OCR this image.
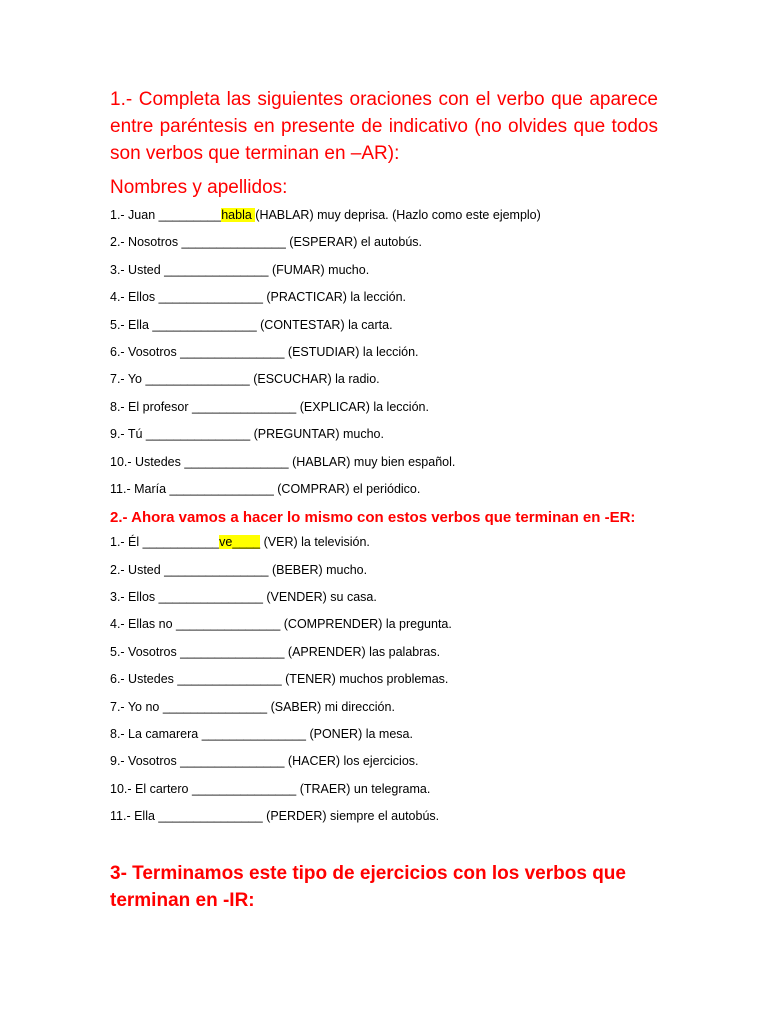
1.- Completa las siguientes oraciones con el verbo que aparece entre paréntesis en presente de indicativo (no olvides que todos son verbos que terminan en –AR):

Nombres y apellidos:

1.- Juan _________habla (HABLAR) muy deprisa. (Hazlo como este ejemplo)
2.- Nosotros _______________ (ESPERAR) el autobús.
3.- Usted _______________ (FUMAR) mucho.
4.- Ellos _______________ (PRACTICAR) la lección.
5.- Ella _______________ (CONTESTAR) la carta.
6.- Vosotros _______________ (ESTUDIAR) la lección.
7.- Yo _______________ (ESCUCHAR) la radio.
8.- El profesor _______________ (EXPLICAR) la lección.
9.- Tú _______________ (PREGUNTAR) mucho.
10.- Ustedes _______________ (HABLAR) muy bien español.
11.- María _______________ (COMPRAR) el periódico.

2.- Ahora vamos a hacer lo mismo con estos verbos que terminan en -ER:

1.- Él ___________ve____ (VER) la televisión.
2.- Usted _______________ (BEBER) mucho.
3.- Ellos _______________ (VENDER) su casa.
4.- Ellas no _______________ (COMPRENDER) la pregunta.
5.- Vosotros _______________ (APRENDER) las palabras.
6.- Ustedes _______________ (TENER) muchos problemas.
7.- Yo no _______________ (SABER) mi dirección.
8.- La camarera _______________ (PONER) la mesa.
9.- Vosotros _______________ (HACER) los ejercicios.
10.- El cartero _______________ (TRAER) un telegrama.
11.- Ella _______________ (PERDER) siempre el autobús.

3- Terminamos este tipo de ejercicios con los verbos que terminan en -IR:
